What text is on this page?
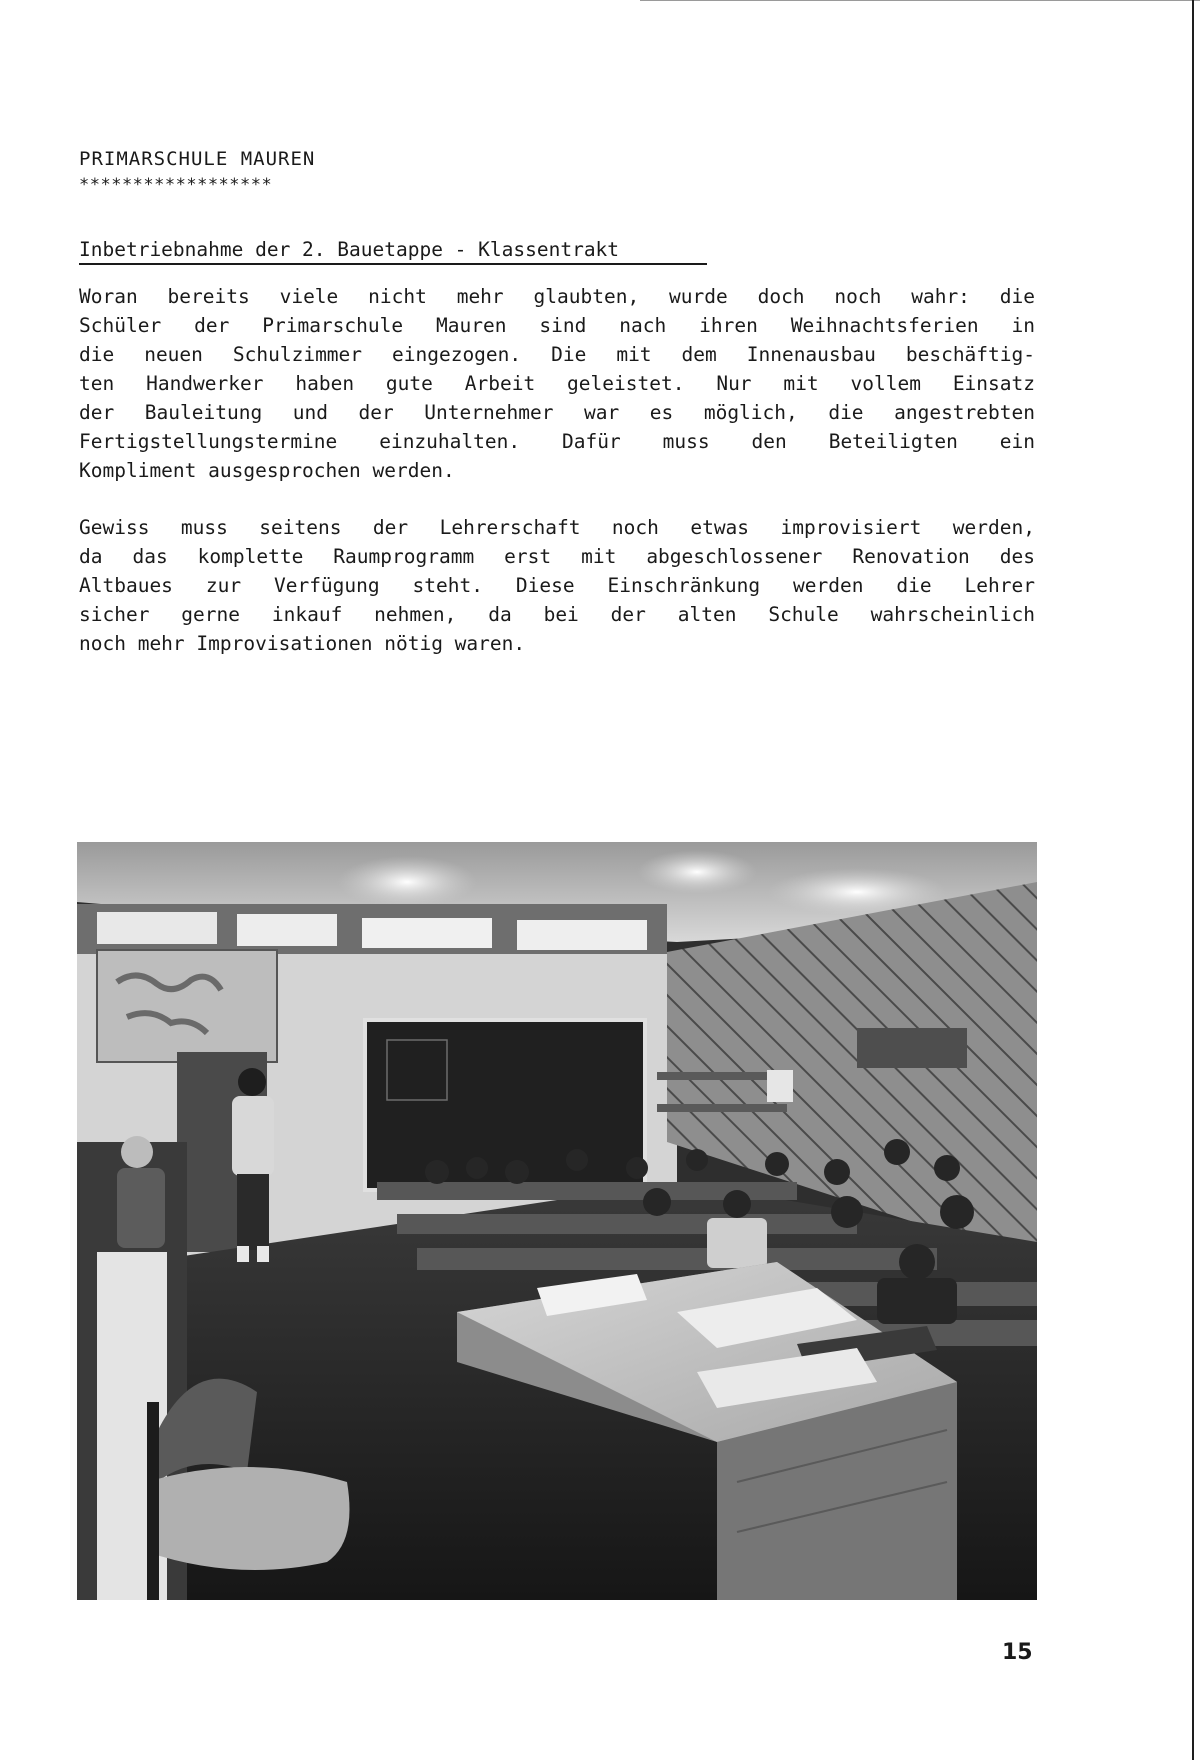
PRIMARSCHULE MAUREN
******************
Inbetriebnahme der 2. Bauetappe - Klassentrakt
Woran bereits viele nicht mehr glaubten, wurde doch noch wahr: die
Schüler der Primarschule Mauren sind nach ihren Weihnachtsferien in
die neuen Schulzimmer eingezogen. Die mit dem Innenausbau beschäftig-
ten Handwerker haben gute Arbeit geleistet. Nur mit vollem Einsatz
der Bauleitung und der Unternehmer war es möglich, die angestrebten
Fertigstellungstermine einzuhalten. Dafür muss den Beteiligten ein
Kompliment ausgesprochen werden.
Gewiss muss seitens der Lehrerschaft noch etwas improvisiert werden,
da das komplette Raumprogramm erst mit abgeschlossener Renovation des
Altbaues zur Verfügung steht. Diese Einschränkung werden die Lehrer
sicher gerne inkauf nehmen, da bei der alten Schule wahrscheinlich
noch mehr Improvisationen nötig waren.
15
